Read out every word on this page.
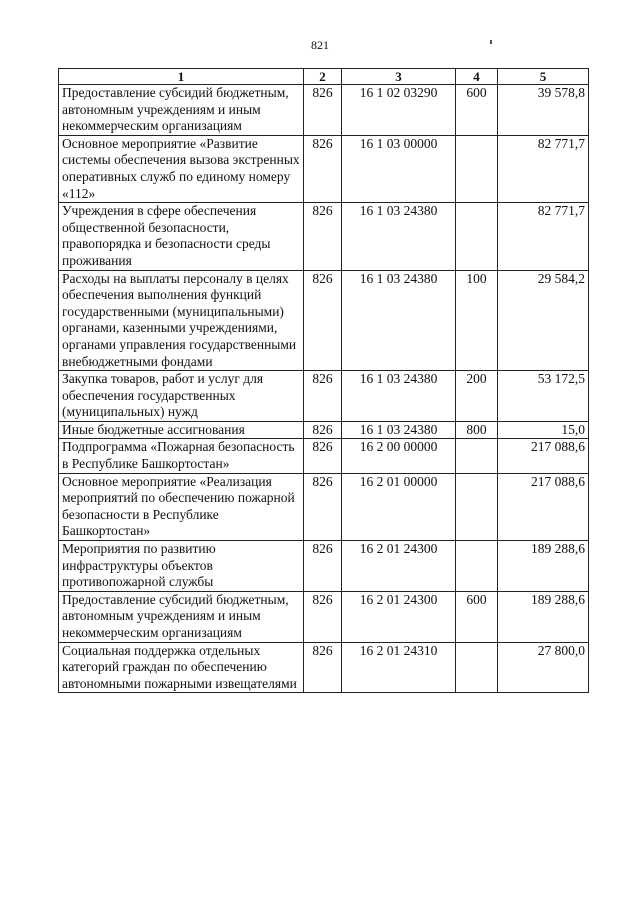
821
1	2	3	4	5
Предоставление субсидий бюджетным, автономным учреждениям и иным некоммерческим организациям	826	16 1 02 03290	600	39 578,8
Основное мероприятие «Развитие системы обеспечения вызова экстренных оперативных служб по единому номеру «112»	826	16 1 03 00000		82 771,7
Учреждения в сфере обеспечения общественной безопасности, правопорядка и безопасности среды проживания	826	16 1 03 24380		82 771,7
Расходы на выплаты персоналу в целях обеспечения выполнения функций государственными (муниципальными) органами, казенными учреждениями, органами управления государственными внебюджетными фондами	826	16 1 03 24380	100	29 584,2
Закупка товаров, работ и услуг для обеспечения государственных (муниципальных) нужд	826	16 1 03 24380	200	53 172,5
Иные бюджетные ассигнования	826	16 1 03 24380	800	15,0
Подпрограмма «Пожарная безопасность в Республике Башкортостан»	826	16 2 00 00000		217 088,6
Основное мероприятие «Реализация мероприятий по обеспечению пожарной безопасности в Республике Башкортостан»	826	16 2 01 00000		217 088,6
Мероприятия по развитию инфраструктуры объектов противопожарной службы	826	16 2 01 24300		189 288,6
Предоставление субсидий бюджетным, автономным учреждениям и иным некоммерческим организациям	826	16 2 01 24300	600	189 288,6
Социальная поддержка отдельных категорий граждан по обеспечению автономными пожарными извещателями	826	16 2 01 24310		27 800,0
